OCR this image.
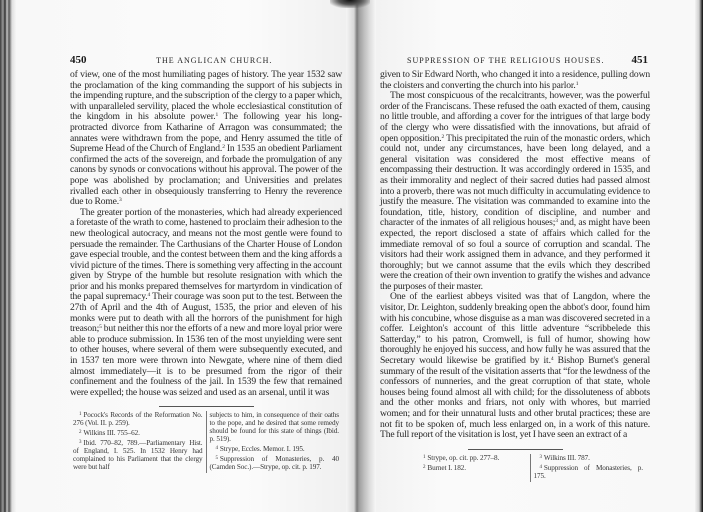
450	THE ANGLICAN CHURCH.

of view, one of the most humiliating pages of history. The year 1532 saw the proclamation of the king commanding the support of his subjects in the impending rupture, and the subscription of the clergy to a paper which, with unparalleled servility, placed the whole ecclesiastical constitution of the kingdom in his absolute power.$^1$ The following year his long-protracted divorce from Katharine of Arragon was consummated; the annates were withdrawn from the pope, and Henry assumed the title of Supreme Head of the Church of England.$^2$ In 1535 an obedient Parliament confirmed the acts of the sovereign, and forbade the promulgation of any canons by synods or convocations without his approval. The power of the pope was abolished by proclamation; and Universities and prelates rivalled each other in obsequiously transferring to Henry the reverence due to Rome.$^3$

The greater portion of the monasteries, which had already experienced a foretaste of the wrath to come, hastened to proclaim their adhesion to the new theological autocracy, and means not the most gentle were found to persuade the remainder. The Carthusians of the Charter House of London gave especial trouble, and the contest between them and the king affords a vivid picture of the times. There is something very affecting in the account given by Strype of the humble but resolute resignation with which the prior and his monks prepared themselves for martyrdom in vindication of the papal supremacy.$^4$ Their courage was soon put to the test. Between the 27th of April and the 4th of August, 1535, the prior and eleven of his monks were put to death with all the horrors of the punishment for high treason;$^5$ but neither this nor the efforts of a new and more loyal prior were able to produce submission. In 1536 ten of the most unyielding were sent to other houses, where several of them were subsequently executed, and in 1537 ten more were thrown into Newgate, where nine of them died almost immediately—it is to be presumed from the rigor of their confinement and the foulness of the jail. In 1539 the few that remained were expelled; the house was seized and used as an arsenal, until it was

$^1$ Pocock's Records of the Reformation No. 276 (Vol. II. p. 259).
$^2$ Wilkins III. 755–62.
$^3$ Ibid. 770–82, 789.—Parliamentary Hist. of England, I. 525. In 1532 Henry had complained to his Parliament that the clergy were but half
subjects to him, in consequence of their oaths to the pope, and he desired that some remedy should be found for this state of things (Ibid. p. 519).
$^4$ Strype, Eccles. Memor. I. 195.
$^5$ Suppression of Monasteries, p. 40 (Camden Soc.).—Strype, op. cit. p. 197.
SUPPRESSION OF THE RELIGIOUS HOUSES.	451

given to Sir Edward North, who changed it into a residence, pulling down the cloisters and converting the church into his parlor.$^1$

The most conspicuous of the recalcitrants, however, was the powerful order of the Franciscans. These refused the oath exacted of them, causing no little trouble, and affording a cover for the intrigues of that large body of the clergy who were dissatisfied with the innovations, but afraid of open opposition.$^2$ This precipitated the ruin of the monastic orders, which could not, under any circumstances, have been long delayed, and a general visitation was considered the most effective means of encompassing their destruction. It was accordingly ordered in 1535, and as their immorality and neglect of their sacred duties had passed almost into a proverb, there was not much difficulty in accumulating evidence to justify the measure. The visitation was commanded to examine into the foundation, title, history, condition of discipline, and number and character of the inmates of all religious houses;$^3$ and, as might have been expected, the report disclosed a state of affairs which called for the immediate removal of so foul a source of corruption and scandal. The visitors had their work assigned them in advance, and they performed it thoroughly; but we cannot assume that the evils which they described were the creation of their own invention to gratify the wishes and advance the purposes of their master.

One of the earliest abbeys visited was that of Langdon, where the visitor, Dr. Leighton, suddenly breaking open the abbot's door, found him with his concubine, whose disguise as a man was discovered secreted in a coffer. Leighton's account of this little adventure “scribbelede this Satterday,” to his patron, Cromwell, is full of humor, showing how thoroughly he enjoyed his success, and how fully he was assured that the Secretary would likewise be gratified by it.$^4$ Bishop Burnet's general summary of the result of the visitation asserts that “for the lewdness of the confessors of nunneries, and the great corruption of that state, whole houses being found almost all with child; for the dissoluteness of abbots and the other monks and friars, not only with whores, but married women; and for their unnatural lusts and other brutal practices; these are not fit to be spoken of, much less enlarged on, in a work of this nature. The full report of the visitation is lost, yet I have seen an extract of a

$^1$ Strype, op. cit. pp. 277–8.
$^2$ Burnet I. 182.
$^3$ Wilkins III. 787.
$^4$ Suppression of Monasteries, p. 175.
